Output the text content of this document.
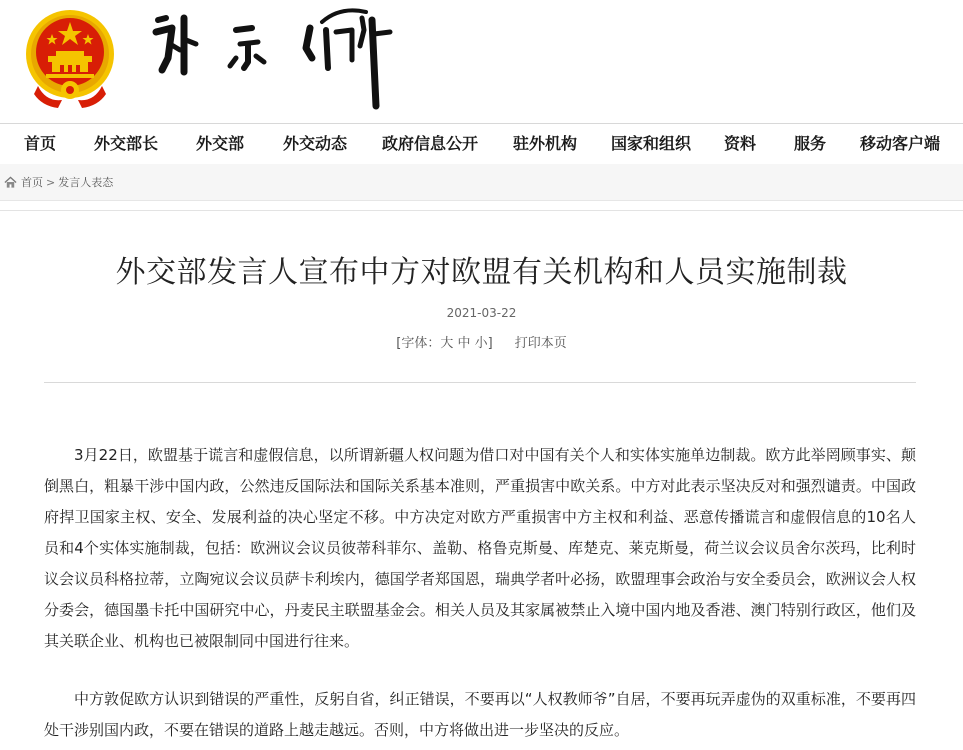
首页 外交部长 外交部 外交动态 政府信息公开 驻外机构 国家和组织 资料 服务 移动客户端
首页 > 发言人表态
外交部发言人宣布中方对欧盟有关机构和人员实施制裁
2021-03-22
[字体：大 中 小] 打印本页

3月22日，欧盟基于谎言和虚假信息，以所谓新疆人权问题为借口对中国有关个人和实体实施单边制裁。欧方此举罔顾事实、颠倒黑白，粗暴干涉中国内政，公然违反国际法和国际关系基本准则，严重损害中欧关系。中方对此表示坚决反对和强烈谴责。中国政府捍卫国家主权、安全、发展利益的决心坚定不移。中方决定对欧方严重损害中方主权和利益、恶意传播谎言和虚假信息的10名人员和4个实体实施制裁，包括：欧洲议会议员彼蒂科菲尔、盖勒、格鲁克斯曼、库楚克、莱克斯曼，荷兰议会议员舍尔茨玛，比利时议会议员科格拉蒂，立陶宛议会议员萨卡利埃内，德国学者郑国恩，瑞典学者叶必扬，欧盟理事会政治与安全委员会，欧洲议会人权分委会，德国墨卡托中国研究中心，丹麦民主联盟基金会。相关人员及其家属被禁止入境中国内地及香港、澳门特别行政区，他们及其关联企业、机构也已被限制同中国进行往来。

中方敦促欧方认识到错误的严重性，反躬自省，纠正错误，不要再以“人权教师爷”自居，不要再玩弄虚伪的双重标准，不要再四处干涉别国内政，不要在错误的道路上越走越远。否则，中方将做出进一步坚决的反应。
